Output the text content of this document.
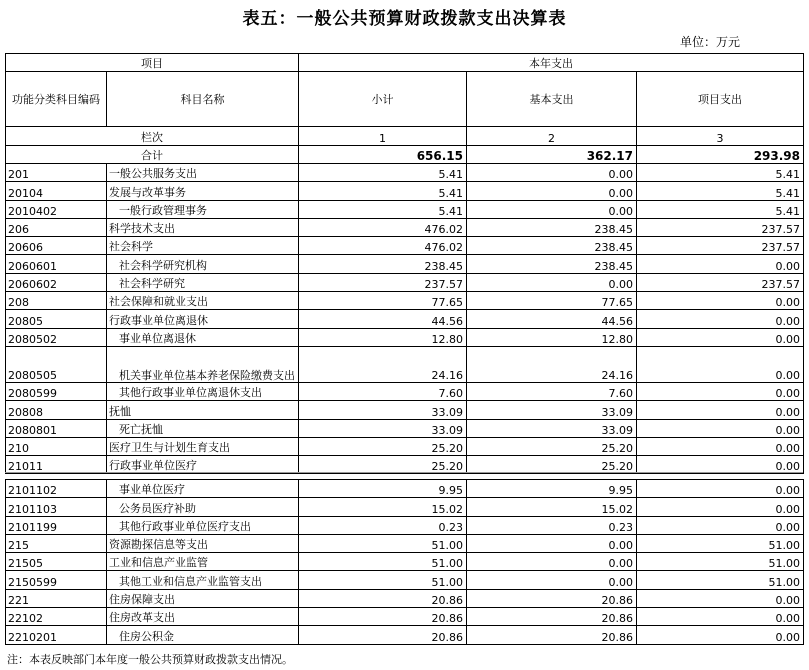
表五：一般公共预算财政拨款支出决算表
单位：万元
项目		本年支出		
功能分类科目编码	科目名称	小计	基本支出	项目支出
栏次		1	2	3
合计		656.15	362.17	293.98
201	一般公共服务支出	5.41	0.00	5.41
20104	发展与改革事务	5.41	0.00	5.41
2010402	一般行政管理事务	5.41	0.00	5.41
206	科学技术支出	476.02	238.45	237.57
20606	社会科学	476.02	238.45	237.57
2060601	社会科学研究机构	238.45	238.45	0.00
2060602	社会科学研究	237.57	0.00	237.57
208	社会保障和就业支出	77.65	77.65	0.00
20805	行政事业单位离退休	44.56	44.56	0.00
2080502	事业单位离退休	12.80	12.80	0.00
2080505	机关事业单位基本养老保险缴费支出	24.16	24.16	0.00
2080599	其他行政事业单位离退休支出	7.60	7.60	0.00
20808	抚恤	33.09	33.09	0.00
2080801	死亡抚恤	33.09	33.09	0.00
210	医疗卫生与计划生育支出	25.20	25.20	0.00
21011	行政事业单位医疗	25.20	25.20	0.00
2101102	事业单位医疗	9.95	9.95	0.00
2101103	公务员医疗补助	15.02	15.02	0.00
2101199	其他行政事业单位医疗支出	0.23	0.23	0.00
215	资源勘探信息等支出	51.00	0.00	51.00
21505	工业和信息产业监管	51.00	0.00	51.00
2150599	其他工业和信息产业监管支出	51.00	0.00	51.00
221	住房保障支出	20.86	20.86	0.00
22102	住房改革支出	20.86	20.86	0.00
2210201	住房公积金	20.86	20.86	0.00
注：本表反映部门本年度一般公共预算财政拨款支出情况。
